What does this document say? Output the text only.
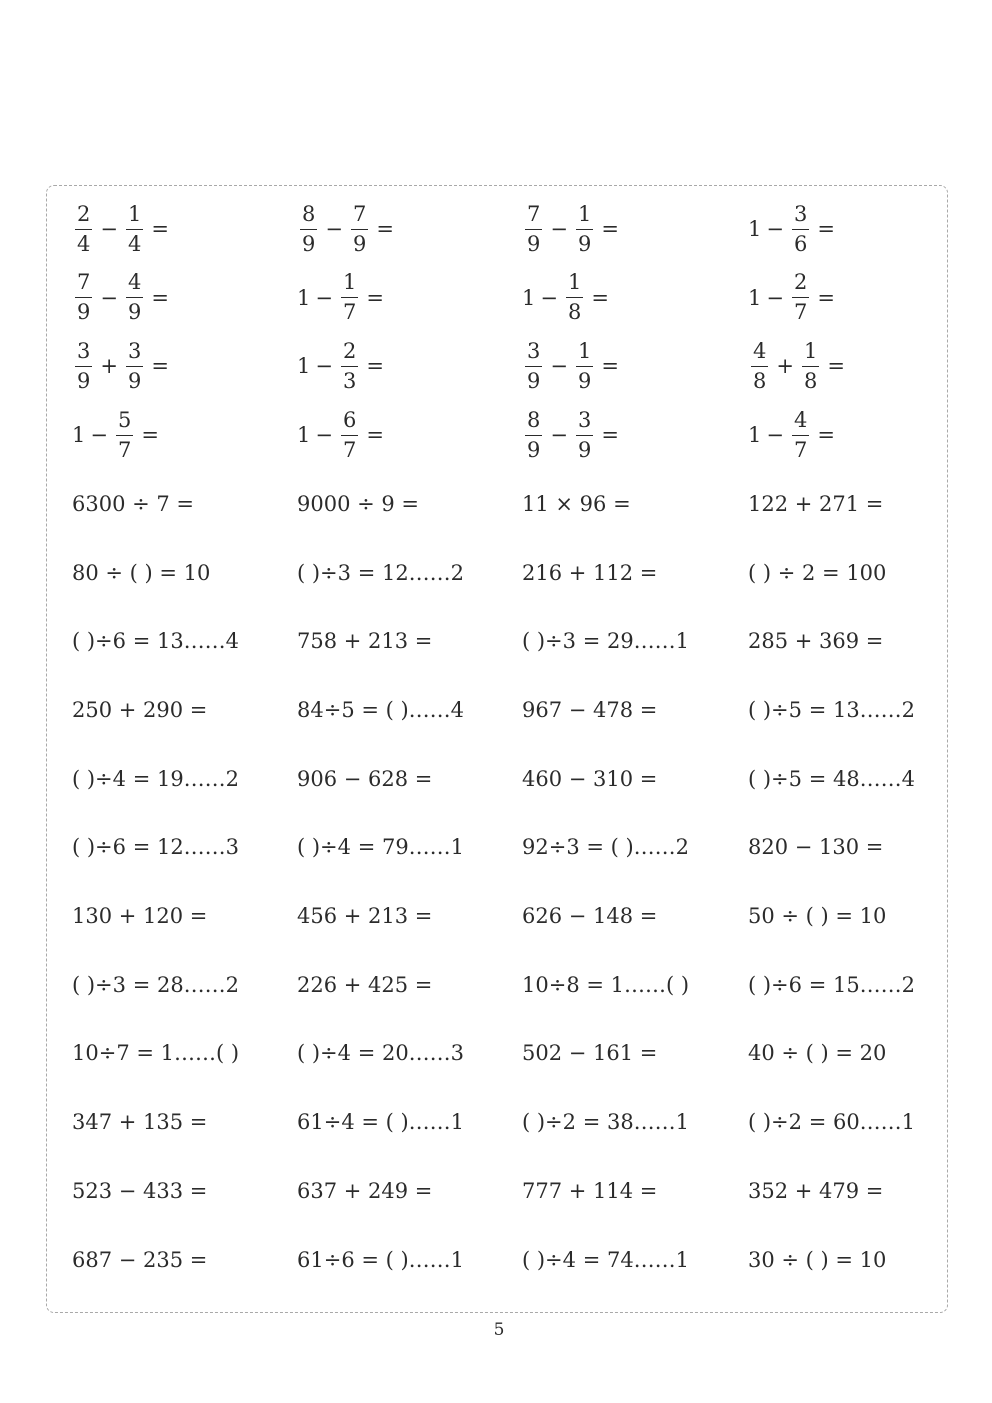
$\frac{2}{4} - \frac{1}{4}$ =	$\frac{8}{9} - \frac{7}{9}$ =	$\frac{7}{9} - \frac{1}{9}$ =	$1 - \frac{3}{6}$ =
$\frac{7}{9} - \frac{4}{9}$ =	$1 - \frac{1}{7}$ =	$1 - \frac{1}{8}$ =	$1 - \frac{2}{7}$ =
$\frac{3}{9} + \frac{3}{9}$ =	$1 - \frac{2}{3}$ =	$\frac{3}{9} - \frac{1}{9}$ =	$\frac{4}{8} + \frac{1}{8}$ =
$1 - \frac{5}{7}$ =	$1 - \frac{6}{7}$ =	$\frac{8}{9} - \frac{3}{9}$ =	$1 - \frac{4}{7}$ =
6300 ÷ 7 =	9000 ÷ 9 =	11 × 96 =	122 + 271 =
80 ÷ ( ) = 10	( )÷3 = 12……2	216 + 112 =	( ) ÷ 2 = 100
( )÷6 = 13……4	758 + 213 =	( )÷3 = 29……1	285 + 369 =
250 + 290 =	84÷5 = ( )……4	967 − 478 =	( )÷5 = 13……2
( )÷4 = 19……2	906 − 628 =	460 − 310 =	( )÷5 = 48……4
( )÷6 = 12……3	( )÷4 = 79……1	92÷3 = ( )……2	820 − 130 =
130 + 120 =	456 + 213 =	626 − 148 =	50 ÷ ( ) = 10
( )÷3 = 28……2	226 + 425 =	10÷8 = 1……( )	( )÷6 = 15……2
10÷7 = 1……( )	( )÷4 = 20……3	502 − 161 =	40 ÷ ( ) = 20
347 + 135 =	61÷4 = ( )……1	( )÷2 = 38……1	( )÷2 = 60……1
523 − 433 =	637 + 249 =	777 + 114 =	352 + 479 =
687 − 235 =	61÷6 = ( )……1	( )÷4 = 74……1	30 ÷ ( ) = 10
5
